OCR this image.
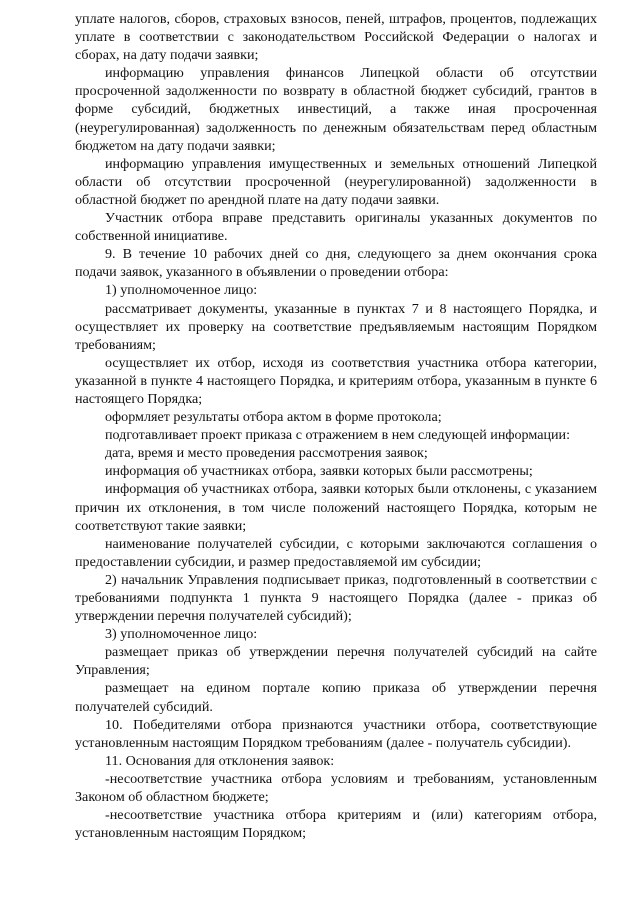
уплате налогов, сборов, страховых взносов, пеней, штрафов, процентов, подлежащих уплате в соответствии с законодательством Российской Федерации о налогах и сборах, на дату подачи заявки;

информацию управления финансов Липецкой области об отсутствии просроченной задолженности по возврату в областной бюджет субсидий, грантов в форме субсидий, бюджетных инвестиций, а также иная просроченная (неурегулированная) задолженность по денежным обязательствам перед областным бюджетом на дату подачи заявки;

информацию управления имущественных и земельных отношений Липецкой области об отсутствии просроченной (неурегулированной) задолженности в областной бюджет по арендной плате на дату подачи заявки.

Участник отбора вправе представить оригиналы указанных документов по собственной инициативе.

9. В течение 10 рабочих дней со дня, следующего за днем окончания срока подачи заявок, указанного в объявлении о проведении отбора:

1) уполномоченное лицо:

рассматривает документы, указанные в пунктах 7 и 8 настоящего Порядка, и осуществляет их проверку на соответствие предъявляемым настоящим Порядком требованиям;

осуществляет их отбор, исходя из соответствия участника отбора категории, указанной в пункте 4 настоящего Порядка, и критериям отбора, указанным в пункте 6 настоящего Порядка;

оформляет результаты отбора актом в форме протокола;

подготавливает проект приказа с отражением в нем следующей информации:

дата, время и место проведения рассмотрения заявок;

информация об участниках отбора, заявки которых были рассмотрены;

информация об участниках отбора, заявки которых были отклонены, с указанием причин их отклонения, в том числе положений настоящего Порядка, которым не соответствуют такие заявки;

наименование получателей субсидии, с которыми заключаются соглашения о предоставлении субсидии, и размер предоставляемой им субсидии;

2) начальник Управления подписывает приказ, подготовленный в соответствии с требованиями подпункта 1 пункта 9 настоящего Порядка (далее - приказ об утверждении перечня получателей субсидий);

3) уполномоченное лицо:

размещает приказ об утверждении перечня получателей субсидий на сайте Управления;

размещает на едином портале копию приказа об утверждении перечня получателей субсидий.

10. Победителями отбора признаются участники отбора, соответствующие установленным настоящим Порядком требованиям (далее - получатель субсидии).

11. Основания для отклонения заявок:

-несоответствие участника отбора условиям и требованиям, установленным Законом об областном бюджете;

-несоответствие участника отбора критериям и (или) категориям отбора, установленным настоящим Порядком;
